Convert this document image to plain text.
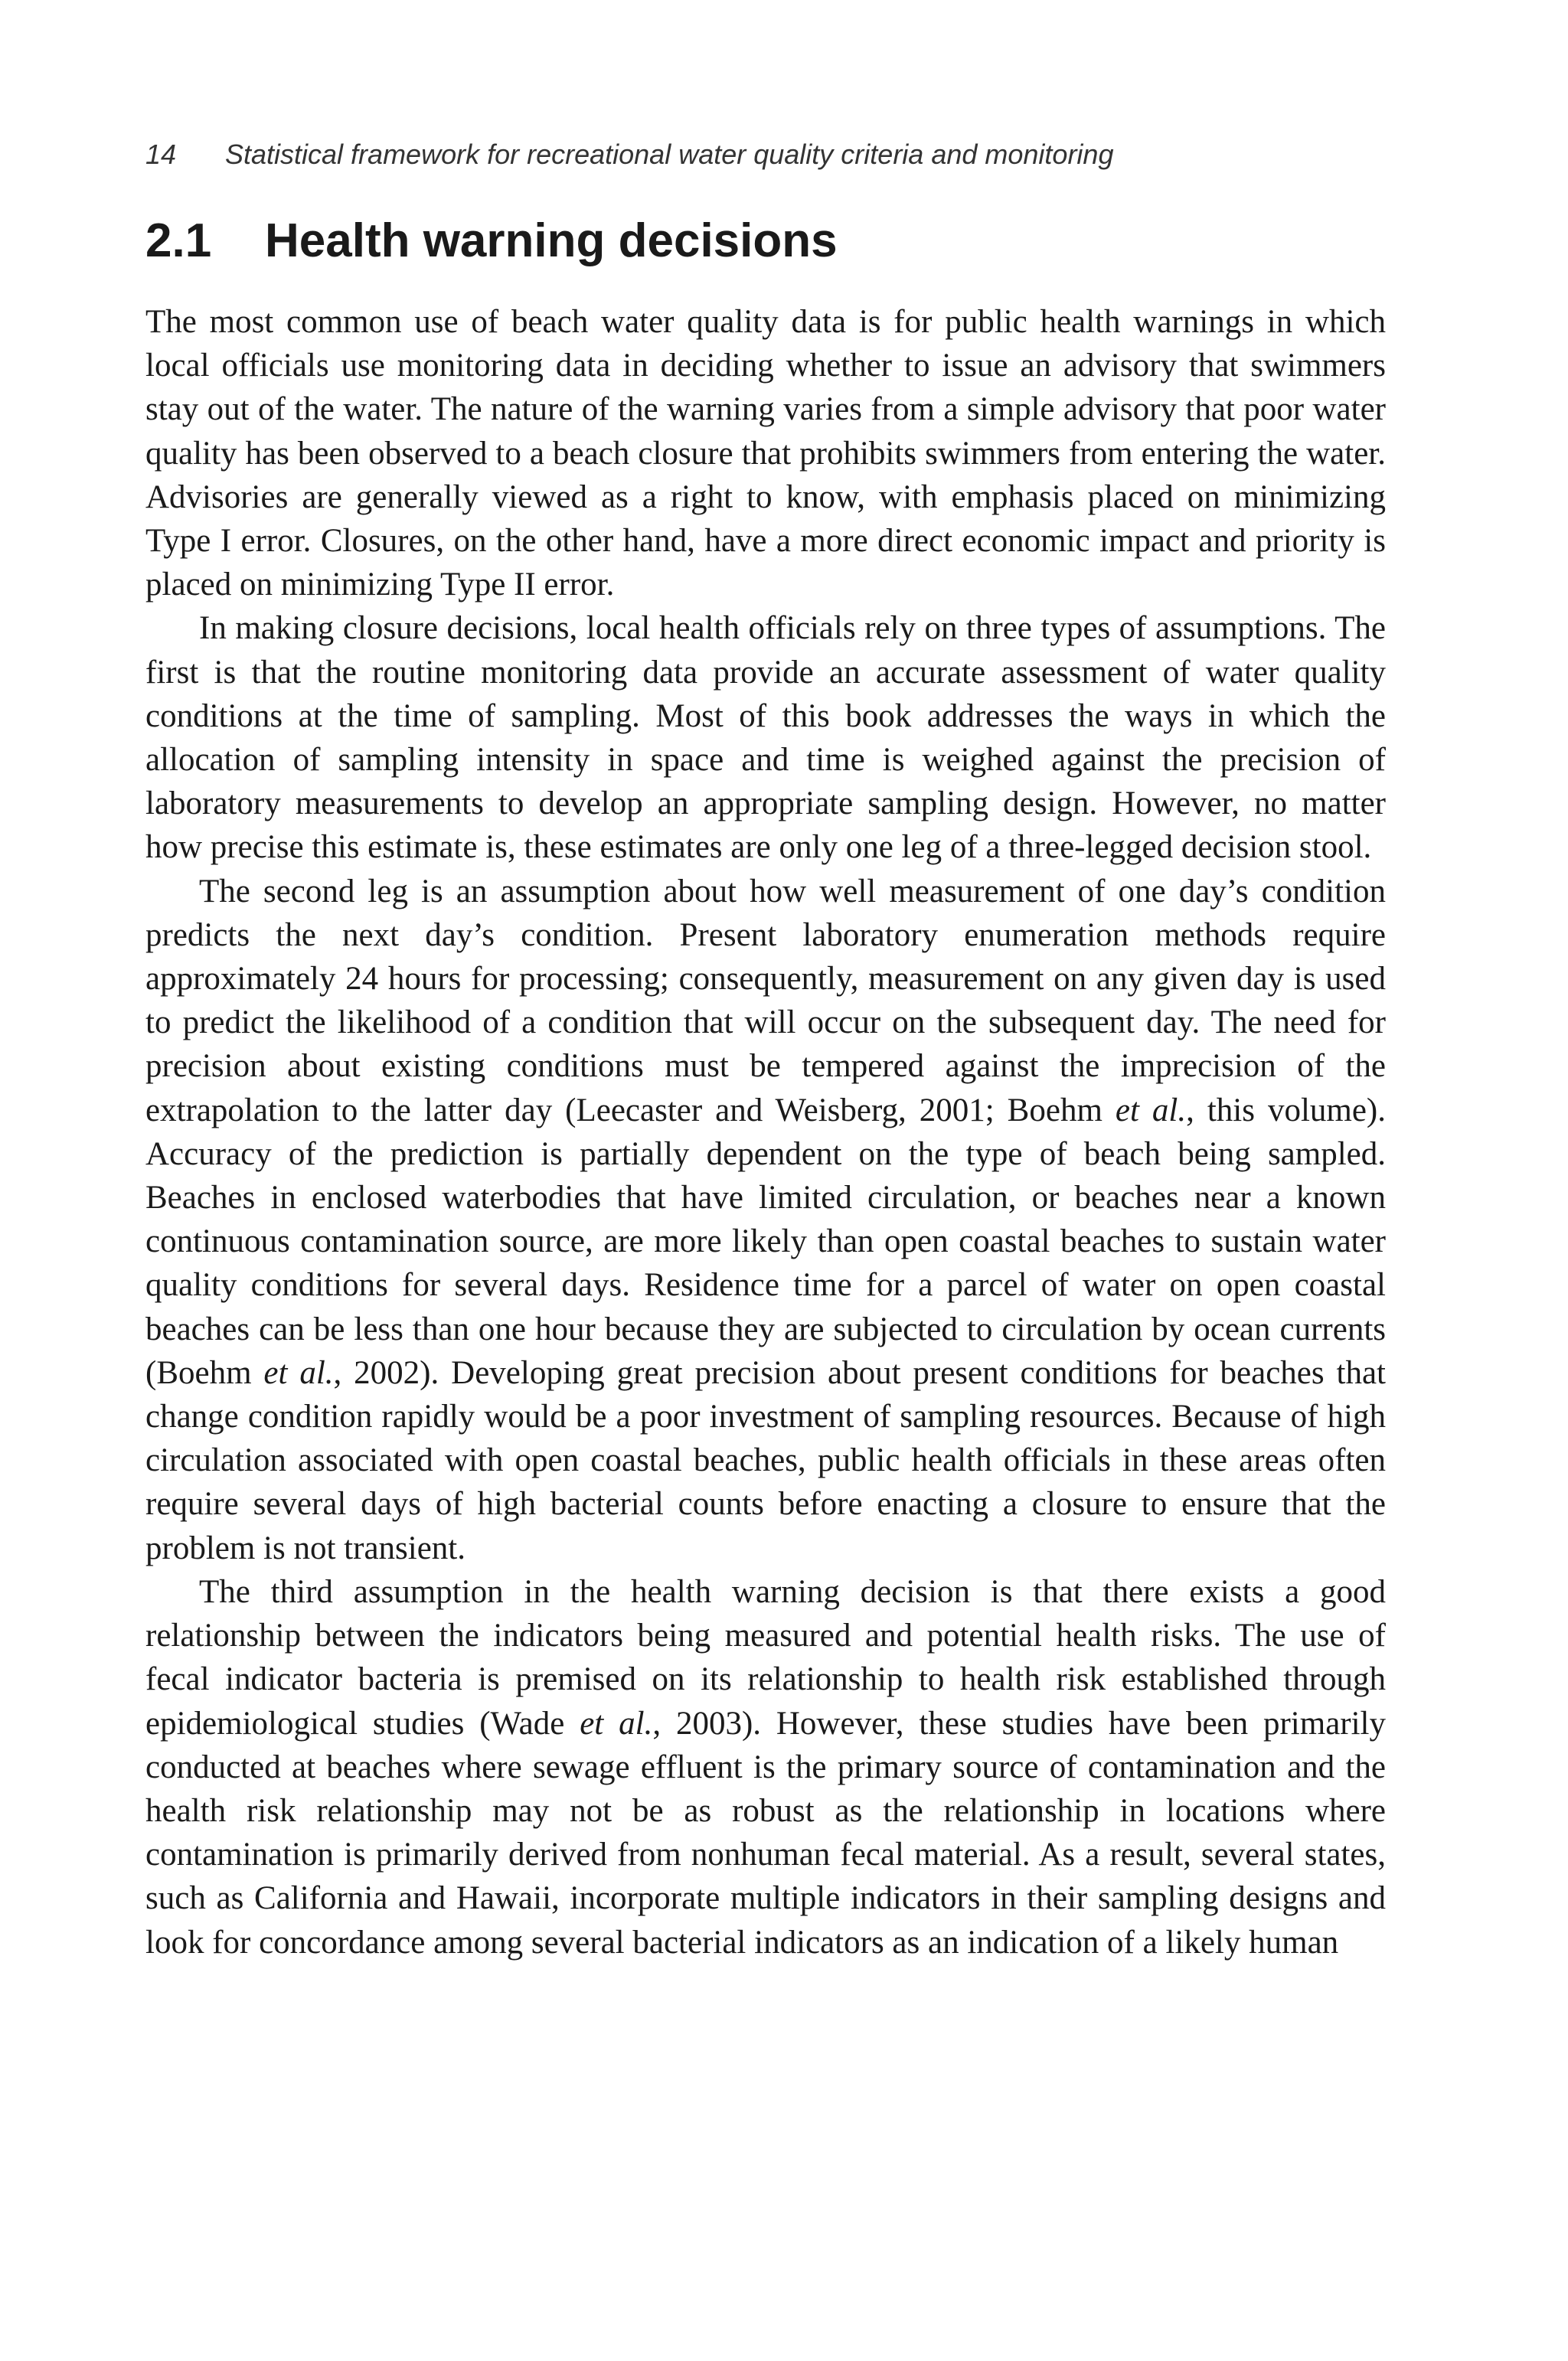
14 Statistical framework for recreational water quality criteria and monitoring
2.1 Health warning decisions

The most common use of beach water quality data is for public health warnings in which local officials use monitoring data in deciding whether to issue an advisory that swimmers stay out of the water. The nature of the warning varies from a simple advisory that poor water quality has been observed to a beach closure that prohibits swimmers from entering the water. Advisories are generally viewed as a right to know, with emphasis placed on minimizing Type I error. Closures, on the other hand, have a more direct economic impact and priority is placed on minimizing Type II error.

In making closure decisions, local health officials rely on three types of assumptions. The first is that the routine monitoring data provide an accurate assessment of water quality conditions at the time of sampling. Most of this book addresses the ways in which the allocation of sampling intensity in space and time is weighed against the precision of laboratory measurements to develop an appropriate sampling design. However, no matter how precise this estimate is, these estimates are only one leg of a three-legged decision stool.

The second leg is an assumption about how well measurement of one day’s condition predicts the next day’s condition. Present laboratory enumeration methods require approximately 24 hours for processing; consequently, measurement on any given day is used to predict the likelihood of a condition that will occur on the subsequent day. The need for precision about existing conditions must be tempered against the imprecision of the extrapolation to the latter day (Leecaster and Weisberg, 2001; Boehm et al., this volume). Accuracy of the prediction is partially dependent on the type of beach being sampled. Beaches in enclosed waterbodies that have limited circulation, or beaches near a known continuous contamination source, are more likely than open coastal beaches to sustain water quality conditions for several days. Residence time for a parcel of water on open coastal beaches can be less than one hour because they are subjected to circulation by ocean currents (Boehm et al., 2002). Developing great precision about present conditions for beaches that change condition rapidly would be a poor investment of sampling resources. Because of high circulation associated with open coastal beaches, public health officials in these areas often require several days of high bacterial counts before enacting a closure to ensure that the problem is not transient.

The third assumption in the health warning decision is that there exists a good relationship between the indicators being measured and potential health risks. The use of fecal indicator bacteria is premised on its relationship to health risk established through epidemiological studies (Wade et al., 2003). However, these studies have been primarily conducted at beaches where sewage effluent is the primary source of contamination and the health risk relationship may not be as robust as the relationship in locations where contamination is primarily derived from nonhuman fecal material. As a result, several states, such as California and Hawaii, incorporate multiple indicators in their sampling designs and look for concordance among several bacterial indicators as an indication of a likely human
